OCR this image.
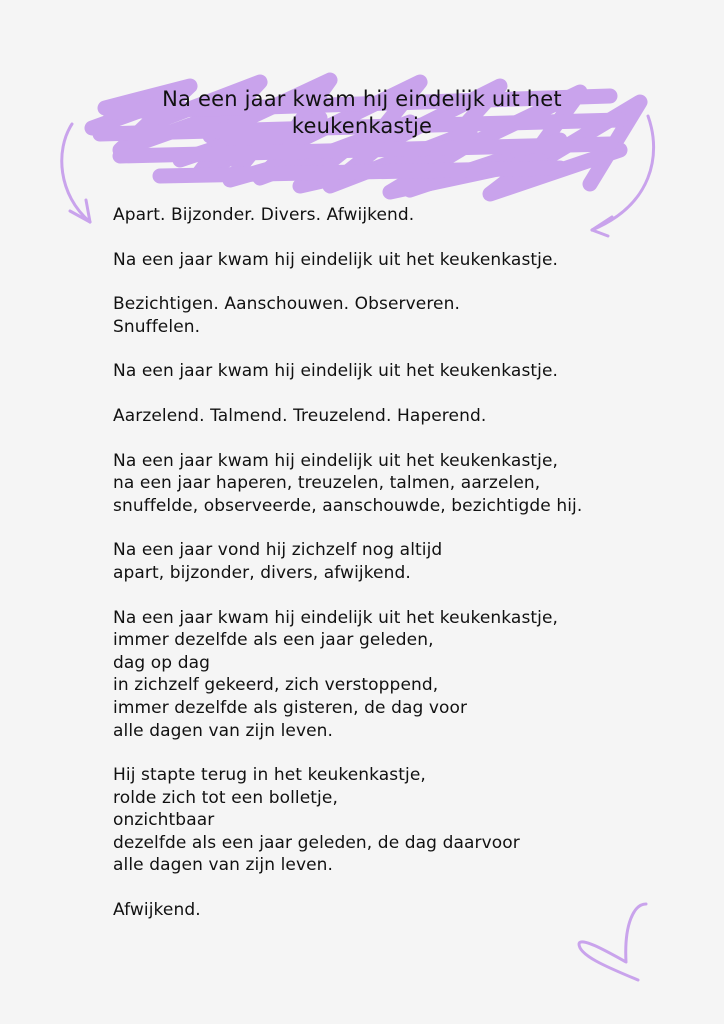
Na een jaar kwam hij eindelijk uit het keukenkastje
Apart. Bijzonder. Divers. Afwijkend.
Na een jaar kwam hij eindelijk uit het keukenkastje.
Bezichtigen. Aanschouwen. Observeren.
Snuffelen.
Na een jaar kwam hij eindelijk uit het keukenkastje.
Aarzelend. Talmend. Treuzelend. Haperend.
Na een jaar kwam hij eindelijk uit het keukenkastje,
na een jaar haperen, treuzelen, talmen, aarzelen,
snuffelde, observeerde, aanschouwde, bezichtigde hij.
Na een jaar vond hij zichzelf nog altijd
apart, bijzonder, divers, afwijkend.
Na een jaar kwam hij eindelijk uit het keukenkastje,
immer dezelfde als een jaar geleden,
dag op dag
in zichzelf gekeerd, zich verstoppend,
immer dezelfde als gisteren, de dag voor
alle dagen van zijn leven.
Hij stapte terug in het keukenkastje,
rolde zich tot een bolletje,
onzichtbaar
dezelfde als een jaar geleden, de dag daarvoor
alle dagen van zijn leven.
Afwijkend.
